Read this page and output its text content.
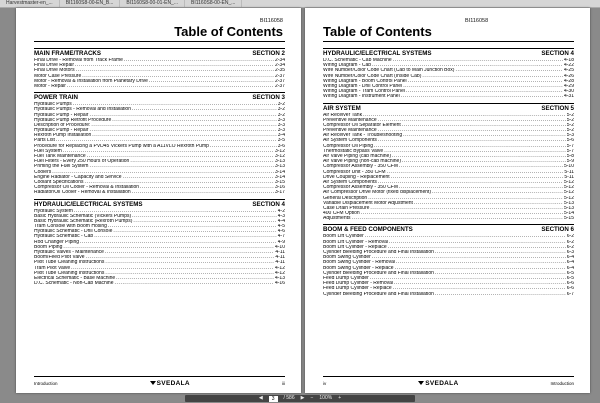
Harvestmaster-en_...	BI1160S8-00-EN_B...	BI1160S8-00-01-EN_...	BI1160S8-00-EN_...
BI116058
Table of Contents
MAIN FRAME/TRACKS	SECTION 2
Final Drive - Removal from Track Frame .....	2-34
Final Drive Repair .....	2-34
Final Drive Motors .....	2-35
Motor Case Pressure .....	2-37
Motor - Removal & Installation from Planetary Drive .....	2-37
Motor - Repair .....	2-37
POWER TRAIN	SECTION 3
Hydraulic Pumps .....	3-2
Hydraulic Pumps - Removal and Installation .....	3-2
Hydraulic Pump - Repair .....	3-2
Hydraulic Pump Retrofit Procedure .....	3-3
Description of Procedure: .....	3-3
Hydraulic Pump - Repair .....	3-3
Rexroth Pump Installation .....	3-4
Parts List .....	3-5
Procedure for Replacing a PVD45 Vickers Pump with a A11VLO Rexroth Pump .....	3-6
Fuel System .....	3-12
Fuel Tank Maintenance .....	3-12
Fuel Filters - Every 250 Hours of Operation .....	3-13
Priming the Fuel System .....	3-13
Coolers .....	3-14
Engine Radiator - Capacity and Service .....	3-14
Coolant Specifications .....	3-15
Compressor Oil Cooler - Removal & Installation .....	3-16
Radiator/Oil Cooler - Removal & Installation .....	3-17
HYDRAULIC/ELECTRICAL SYSTEMS	SECTION 4
Hydraulic System .....	4-2
Basic Hydraulic Schematic (Vickers Pumps) .....	4-3
Basic Hydraulic Schematic (Rexroth Pumps) .....	4-4
Tram Console with Boom Hosing .....	4-5
Hydraulic Schematic - Drill Console .....	4-6
Hydraulic Schematic - Cab .....	4-7
Rod Changer Piping .....	4-9
Boom Piping .....	4-10
Hydraulic Valves - Maintenance .....	4-11
Boom/Feed Pilot Valve .....	4-11
Pilot Tube Cleaning Instructions .....	4-11
Tram Pilot Valve .....	4-12
Pilot Tube Cleaning Instructions .....	4-12
Electrical Schematic - Base Machine .....	4-13
D.C. Schematic - Non-Cab Machine .....	4-16
Introduction	SVEDALA	iii
Table of Contents
BI116058
HYDRAULIC/ELECTRICAL SYSTEMS	SECTION 4
D.C. Schematic - Cab Machine .....	4-18
Wiring Diagram - Cab .....	4-22
Wire Number/Color Code Chart (Cab to Main Junction Box) .....	4-25
Wire Number/Color Code Chart (Inside Cab) .....	4-26
Wiring Diagram - Boom Control Panel .....	4-28
Wiring Diagram - Drill Control Panel .....	4-29
Wiring Diagram - Tram Control Panel .....	4-30
Wiring Diagram - Instrument Panel .....	4-31
AIR SYSTEM	SECTION 5
Air Receiver Tank .....	5-2
Preventive Maintenance .....	5-2
Compressor Oil Separator Element .....	5-2
Preventive Maintenance .....	5-2
Air Receiver Tank - Troubleshooting .....	5-3
Air System Components .....	5-6
Compressor Oil Piping .....	5-7
Thermostatic Bypass Valve .....	5-7
Air Valve Piping (cab machine) .....	5-8
Air Valve Piping (non-cab machine) .....	5-9
Compressor Assembly - 350 CFM .....	5-10
Compressor Unit - 350 CFM .....	5-11
Drive Coupling - Replacement .....	5-11
Air System Components .....	5-12
Compressor Assembly - 350 CFM .....	5-12
Air Compressor Drive Motor (fixed displacement) .....	5-12
General Description .....	5-12
Variable Displacement Motor Adjustment .....	5-13
Case Drain Pressure .....	5-13
400 CFM Option .....	5-14
Adjustments .....	5-15
BOOM & FEED COMPONENTS	SECTION 6
Boom Lift Cylinder .....	6-2
Boom Lift Cylinder - Removal .....	6-2
Boom Lift Cylinder - Replace .....	6-2
Cylinder Bleeding Procedure and Final Installation .....	6-3
Boom Swing Cylinder .....	6-4
Boom Swing Cylinder - Removal .....	6-4
Boom Swing Cylinder - Replace .....	6-4
Cylinder Bleeding Procedure and Final Installation .....	6-5
Feed Dump Cylinder .....	6-5
Feed Dump Cylinder - Removal .....	6-6
Feed Dump Cylinder - Replace .....	6-6
Cylinder Bleeding Procedure and Final Installation .....	6-7
iv	SVEDALA	Introduction
◀	3	/ 586 ▶ − 100% +
